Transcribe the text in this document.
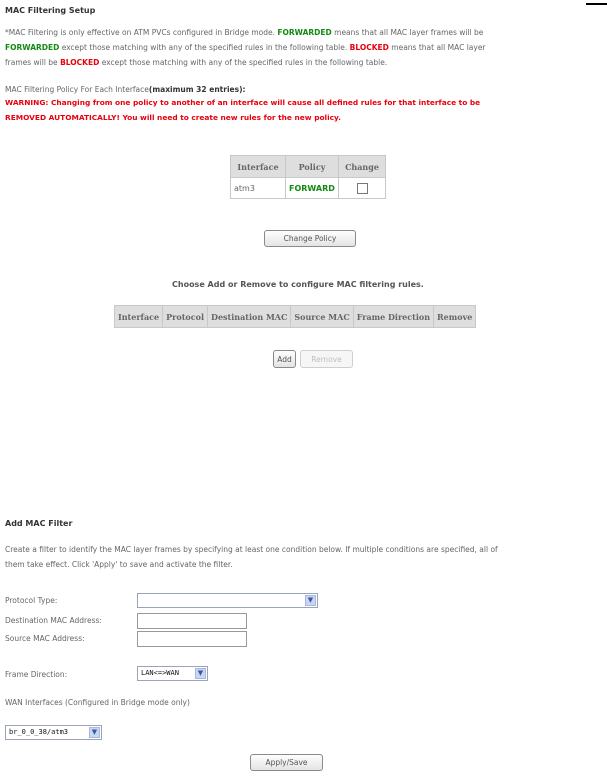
MAC Filtering Setup
*MAC Filtering is only effective on ATM PVCs configured in Bridge mode. FORWARDED means that all MAC layer frames will be
FORWARDED except those matching with any of the specified rules in the following table. BLOCKED means that all MAC layer
frames will be BLOCKED except those matching with any of the specified rules in the following table.
MAC Filtering Policy For Each Interface(maximum 32 entries):
WARNING: Changing from one policy to another of an interface will cause all defined rules for that interface to be
REMOVED AUTOMATICALLY! You will need to create new rules for the new policy.
Interface	Policy	Change
atm3	FORWARD	
Change Policy
Choose Add or Remove to configure MAC filtering rules.
Interface	Protocol	Destination MAC	Source MAC	Frame Direction	Remove
Add	Remove
Add MAC Filter
Create a filter to identify the MAC layer frames by specifying at least one condition below. If multiple conditions are specified, all of
them take effect. Click 'Apply' to save and activate the filter.
Protocol Type:	▼
Destination MAC Address:
Source MAC Address:
Frame Direction:	LAN<=>WAN	▼
WAN Interfaces (Configured in Bridge mode only)
br_0_0_38/atm3	▼
Apply/Save
